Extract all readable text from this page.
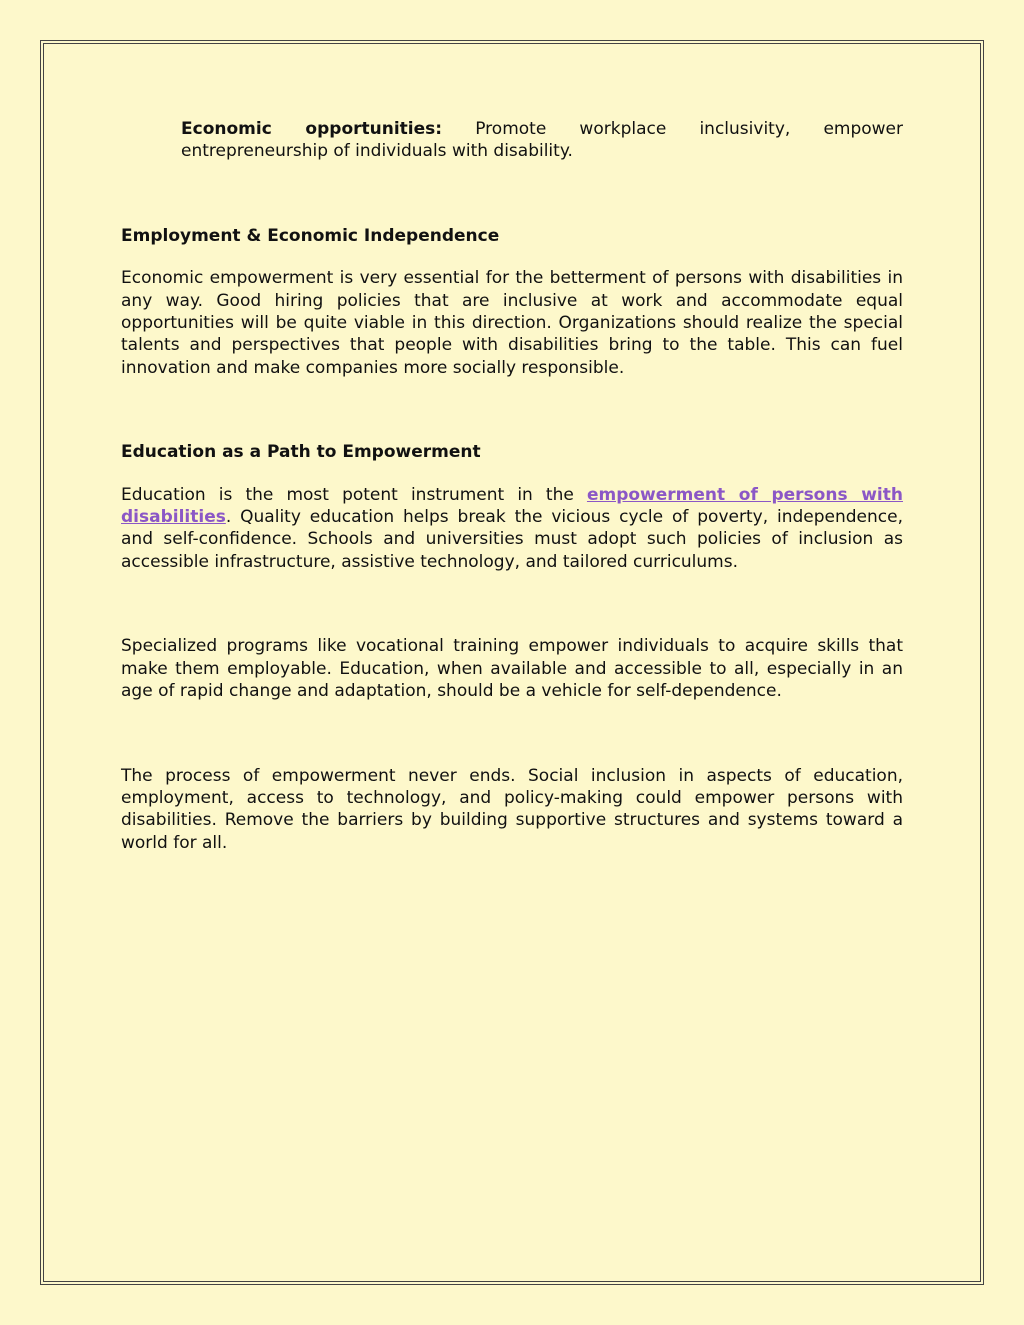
Economic opportunities: Promote workplace inclusivity, empower entrepreneurship of individuals with disability.

Employment & Economic Independence

Economic empowerment is very essential for the betterment of persons with disabilities in any way. Good hiring policies that are inclusive at work and accommodate equal opportunities will be quite viable in this direction. Organizations should realize the special talents and perspectives that people with disabilities bring to the table. This can fuel innovation and make companies more socially responsible.

Education as a Path to Empowerment

Education is the most potent instrument in the empowerment of persons with disabilities. Quality education helps break the vicious cycle of poverty, independence, and self-confidence. Schools and universities must adopt such policies of inclusion as accessible infrastructure, assistive technology, and tailored curriculums.

Specialized programs like vocational training empower individuals to acquire skills that make them employable. Education, when available and accessible to all, especially in an age of rapid change and adaptation, should be a vehicle for self-dependence.

The process of empowerment never ends. Social inclusion in aspects of education, employment, access to technology, and policy-making could empower persons with disabilities. Remove the barriers by building supportive structures and systems toward a world for all.
